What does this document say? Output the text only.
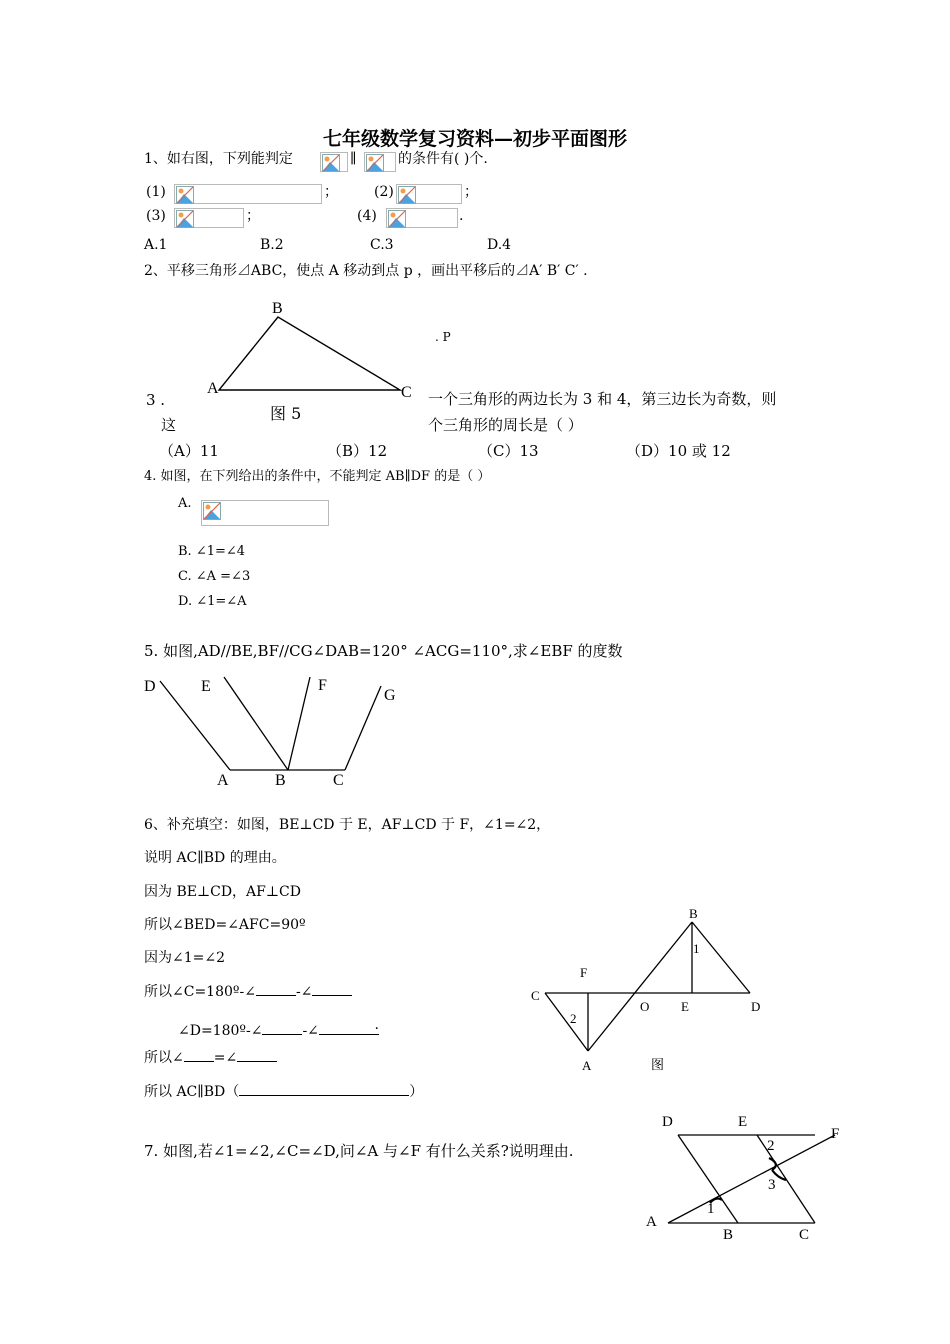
七年级数学复习资料—初步平面图形
1、如右图，下列能判定	∥	的条件有( )个.
(1)	；	(2)	；
(3)	；	(4)	.
A.1	B.2	C.3	D.4
2、平移三角形⊿ABC，使点 A 移动到点 p ，画出平移后的⊿A′ B′ C′ .
B
A	C
. P
图 5
3 .
这
一个三角形的两边长为 3 和 4，第三边长为奇数，则
个三角形的周长是（ ）
（A）11	（B）12	（C）13	（D）10 或 12
4. 如图，在下列给出的条件中，不能判定 AB∥DF 的是（ ）
A.
B. ∠1=∠4
C. ∠A =∠3
D. ∠1=∠A
5. 如图,AD//BE,BF//CG∠DAB=120° ∠ACG=110°,求∠EBF 的度数
D	E	F
G
A	B	C
6、补充填空：如图，BE⊥CD 于 E，AF⊥CD 于 F，∠1=∠2，
说明 AC∥BD 的理由。
因为 BE⊥CD，AF⊥CD
所以∠BED=∠AFC=90º
因为∠1=∠2
所以∠C=180º-∠	-∠
∠D=180º-∠	-∠	.
所以∠ =∠
所以 AC∥BD（	）
B
1
F
C
2
O E	D
A	图
7. 如图,若∠1=∠2,∠C=∠D,问∠A 与∠F 有什么关系?说明理由.
D	E
F
2
3
1
A
B	C
